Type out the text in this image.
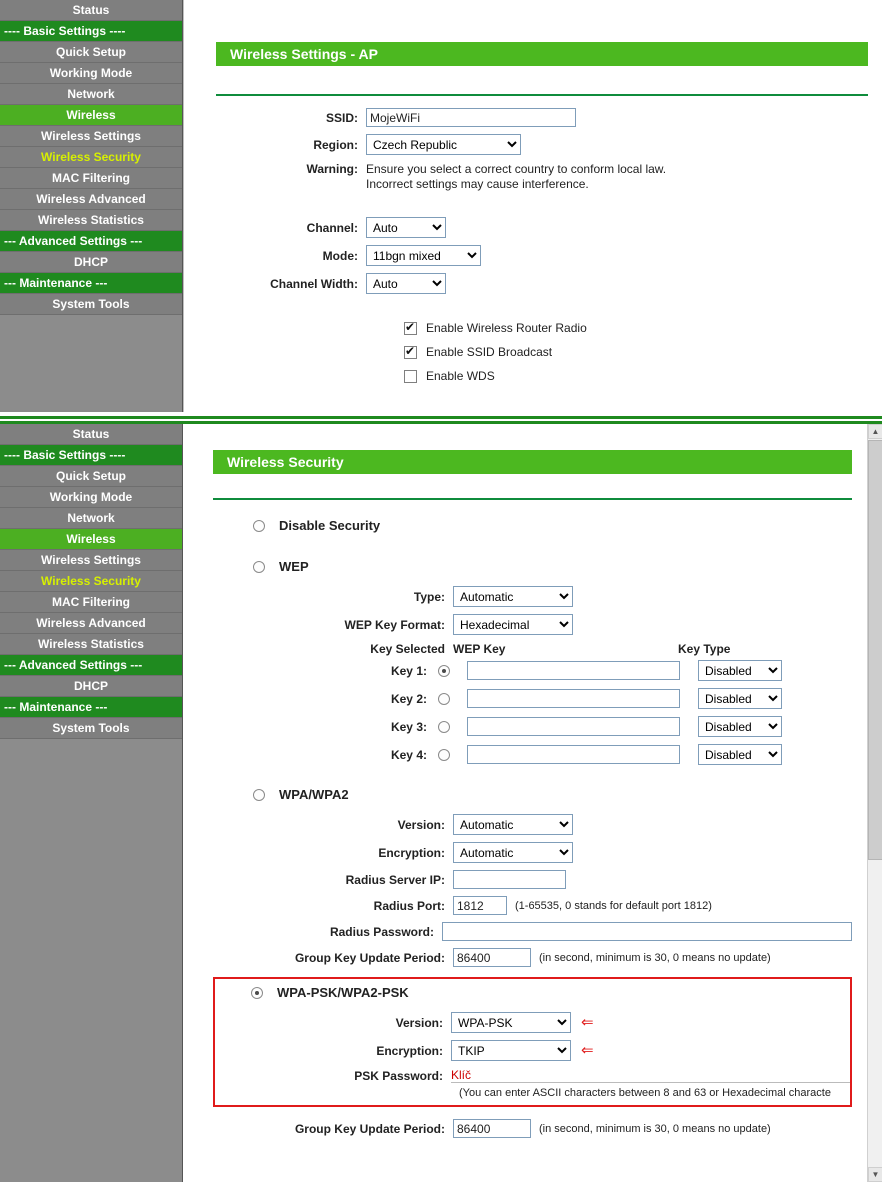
Status
---- Basic Settings ----
Quick Setup
Working Mode
Network
Wireless
Wireless Settings
Wireless Security
MAC Filtering
Wireless Advanced
Wireless Statistics
--- Advanced Settings ---
DHCP
--- Maintenance ---
System Tools
Wireless Settings - AP
SSID:
MojeWiFi
Region:
Czech Republic
Warning: Ensure you select a correct country to conform local law.
Incorrect settings may cause interference.
Channel:
Auto
Mode:
11bgn mixed
Channel Width:
Auto
✔
Enable Wireless Router Radio
✔
Enable SSID Broadcast
Enable WDS
Status
---- Basic Settings ----
Quick Setup
Working Mode
Network
Wireless
Wireless Settings
Wireless Security
MAC Filtering
Wireless Advanced
Wireless Statistics
--- Advanced Settings ---
DHCP
--- Maintenance ---
System Tools
Wireless Security
Disable Security
WEP
Type:
Automatic
WEP Key Format:
Hexadecimal
Key Selected WEP Key	Key Type
Key 1:
Disabled
Key 2:
Disabled
Key 3:
Disabled
Key 4:
Disabled
WPA/WPA2
Version:
Automatic
Encryption:
Automatic
Radius Server IP:
Radius Port:
1812	(1-65535, 0 stands for default port 1812)
Radius Password:
Group Key Update Period:
86400	(in second, minimum is 30, 0 means no update)
WPA-PSK/WPA2-PSK
Version:
WPA-PSK	⇐
Encryption:
TKIP	⇐
PSK Password: Klíč
(You can enter ASCII characters between 8 and 63 or Hexadecimal characte
Group Key Update Period:
86400	(in second, minimum is 30, 0 means no update)
▲
▼
